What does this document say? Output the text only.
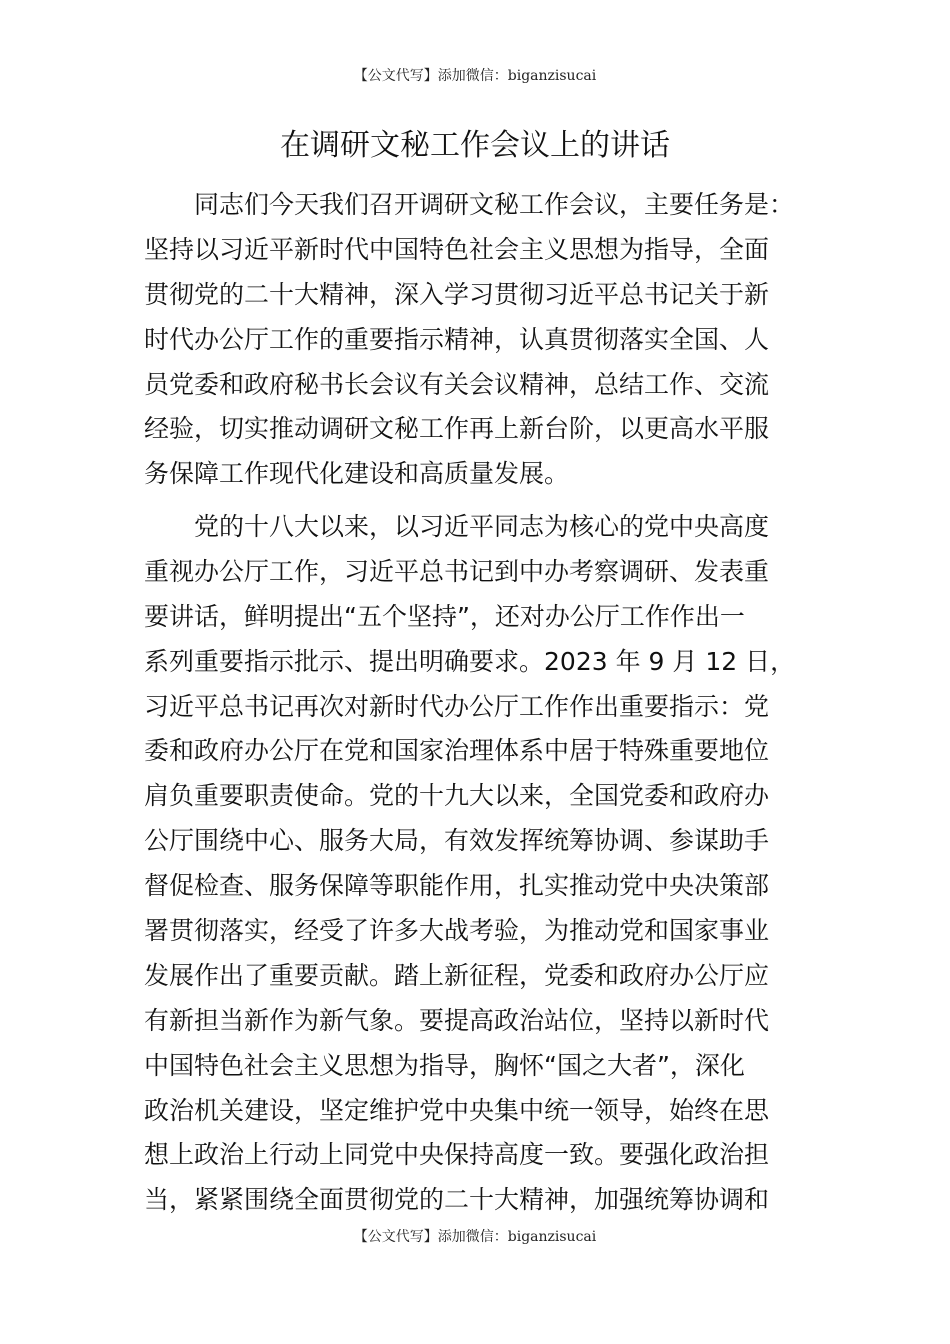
【公文代写】添加微信：biganzisucai
在调研文秘工作会议上的讲话
　　同志们今天我们召开调研文秘工作会议，主要任务是：
坚持以习近平新时代中国特色社会主义思想为指导，全面
贯彻党的二十大精神，深入学习贯彻习近平总书记关于新
时代办公厅工作的重要指示精神，认真贯彻落实全国、人
员党委和政府秘书长会议有关会议精神，总结工作、交流
经验，切实推动调研文秘工作再上新台阶，以更高水平服
务保障工作现代化建设和高质量发展。
　　党的十八大以来，以习近平同志为核心的党中央高度
重视办公厅工作，习近平总书记到中办考察调研、发表重
要讲话，鲜明提出“五个坚持”，还对办公厅工作作出一
系列重要指示批示、提出明确要求。2023 年 9 月 12 日，
习近平总书记再次对新时代办公厅工作作出重要指示：党
委和政府办公厅在党和国家治理体系中居于特殊重要地位
肩负重要职责使命。党的十九大以来，全国党委和政府办
公厅围绕中心、服务大局，有效发挥统筹协调、参谋助手
督促检查、服务保障等职能作用，扎实推动党中央决策部
署贯彻落实，经受了许多大战考验，为推动党和国家事业
发展作出了重要贡献。踏上新征程，党委和政府办公厅应
有新担当新作为新气象。要提高政治站位，坚持以新时代
中国特色社会主义思想为指导，胸怀“国之大者”，深化
政治机关建设，坚定维护党中央集中统一领导，始终在思
想上政治上行动上同党中央保持高度一致。要强化政治担
当，紧紧围绕全面贯彻党的二十大精神，加强统筹协调和
【公文代写】添加微信：biganzisucai
